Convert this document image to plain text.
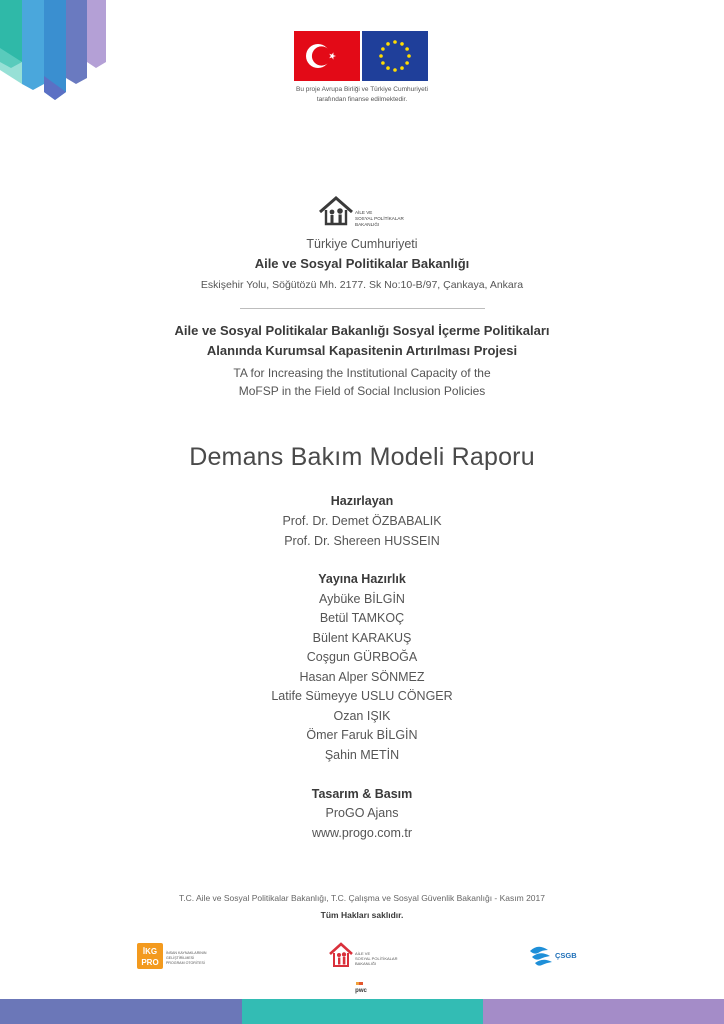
Bu proje Avrupa Birliği ve Türkiye Cumhuriyeti
tarafından finanse edilmektedir.
AİLE VE
SOSYAL POLİTİKALAR
BAKANLIĞI
Türkiye Cumhuriyeti
Aile ve Sosyal Politikalar Bakanlığı
Eskişehir Yolu, Söğütözü Mh. 2177. Sk No:10-B/97, Çankaya, Ankara
Aile ve Sosyal Politikalar Bakanlığı Sosyal İçerme Politikaları
Alanında Kurumsal Kapasitenin Artırılması Projesi
TA for Increasing the Institutional Capacity of the
MoFSP in the Field of Social Inclusion Policies
Demans Bakım Modeli Raporu
Hazırlayan
Prof. Dr. Demet ÖZBABALIK
Prof. Dr. Shereen HUSSEIN
Yayına Hazırlık
Aybüke BİLGİN
Betül TAMKOÇ
Bülent KARAKUŞ
Coşgun GÜRBOĞA
Hasan Alper SÖNMEZ
Latife Sümeyye USLU CÖNGER
Ozan IŞIK
Ömer Faruk BİLGİN
Şahin METİN
Tasarım & Basım
ProGO Ajans
www.progo.com.tr
T.C. Aile ve Sosyal Politikalar Bakanlığı, T.C. Çalışma ve Sosyal Güvenlik Bakanlığı - Kasım 2017
Tüm Hakları saklıdır.
İKG
PRO
İNSAN KAYNAKLARININ
GELİŞTİRİLMESİ
PROGRAM OTORİTESİ
AİLE VE
SOSYAL POLİTİKALAR
BAKANLIĞI
pwc
ÇSGB
